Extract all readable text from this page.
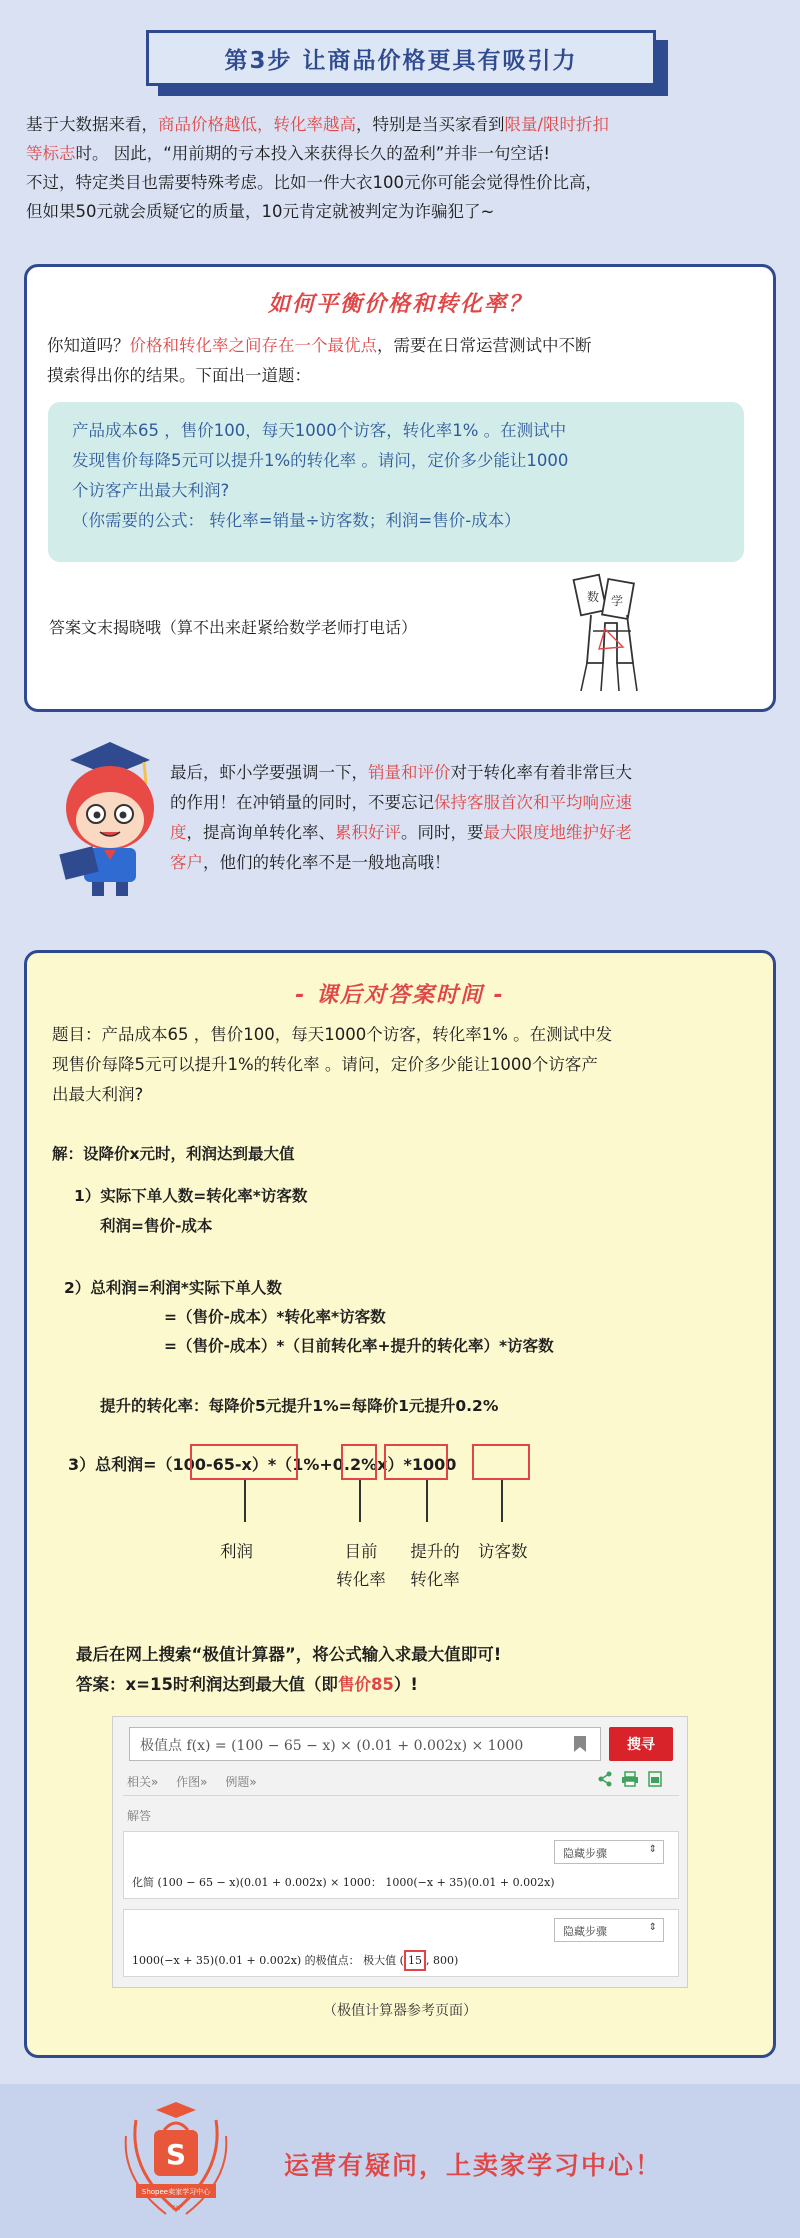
第3步 让商品价格更具有吸引力
基于大数据来看，商品价格越低，转化率越高，特别是当买家看到限量/限时折扣
等标志时。 因此，“用前期的亏本投入来获得长久的盈利”并非一句空话!
不过，特定类目也需要特殊考虑。比如一件大衣100元你可能会觉得性价比高，
但如果50元就会质疑它的质量，10元肯定就被判定为诈骗犯了~
如何平衡价格和转化率？
你知道吗？价格和转化率之间存在一个最优点，需要在日常运营测试中不断
摸索得出你的结果。下面出一道题：
答案文末揭晓哦（算不出来赶紧给数学老师打电话）
数 学
产品成本65 ，售价100，每天1000个访客，转化率1% 。在测试中
发现售价每降5元可以提升1%的转化率 。请问，定价多少能让1000
个访客产出最大利润?
（你需要的公式： 转化率=销量÷访客数；利润=售价-成本）
最后，虾小学要强调一下，销量和评价对于转化率有着非常巨大
的作用！在冲销量的同时，不要忘记保持客服首次和平均响应速
度，提高询单转化率、累积好评。同时，要最大限度地维护好老
客户，他们的转化率不是一般地高哦！
- 课后对答案时间 -
题目：产品成本65 ，售价100，每天1000个访客，转化率1% 。在测试中发
现售价每降5元可以提升1%的转化率 。请问，定价多少能让1000个访客产
出最大利润?
解：设降价x元时，利润达到最大值
1）实际下单人数=转化率*访客数
利润=售价-成本
2）总利润=利润*实际下单人数
=（售价-成本）*转化率*访客数
=（售价-成本）*（目前转化率+提升的转化率）*访客数
提升的转化率：每降价5元提升1%=每降价1元提升0.2%
3）总利润=（100-65-x）*（1%+0.2%x）*1000
利润	目前
转化率
提升的
转化率
访客数
最后在网上搜索“极值计算器”，将公式输入求最大值即可!
答案：x=15时利润达到最大值（即售价85）!
极值点 f(x) = (100 − 65 − x) × (0.01 + 0.002x) × 1000	搜寻
相关» 作图» 例题»
解答
隐藏步骤	⇕
化简 (100 − 65 − x)(0.01 + 0.002x) × 1000： 1000(−x + 35)(0.01 + 0.002x)
隐藏步骤	⇕
1000(−x + 35)(0.01 + 0.002x) 的极值点： 极大值 ( 15 , 800)
（极值计算器参考页面）
S
Shopee卖家学习中心
CN
运营有疑问，上卖家学习中心！
